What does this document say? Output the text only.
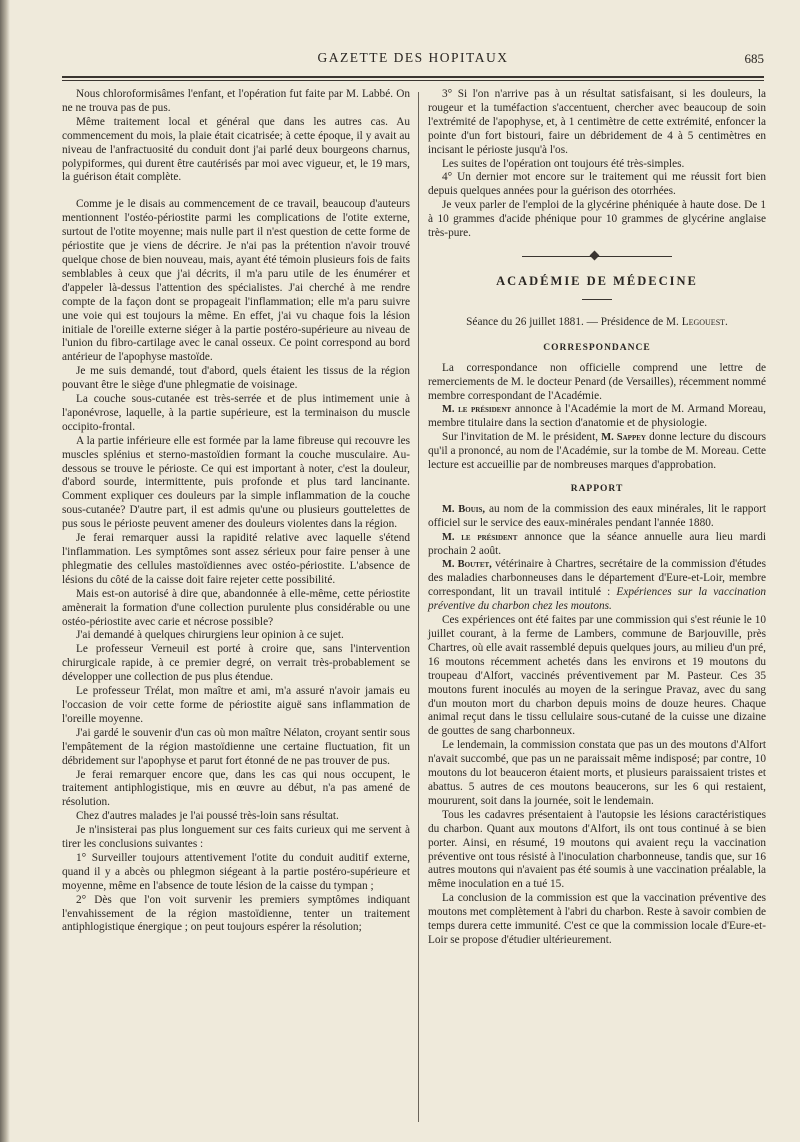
GAZETTE DES HOPITAUX	685

Nous chloroformisâmes l'enfant, et l'opération fut faite par M. Labbé. On ne ne trouva pas de pus.

Même traitement local et général que dans les autres cas. Au commencement du mois, la plaie était cicatrisée; à cette époque, il y avait au niveau de l'anfractuosité du conduit dont j'ai parlé deux bourgeons charnus, polypiformes, qui durent être cautérisés par moi avec vigueur, et, le 19 mars, la guérison était complète.

Comme je le disais au commencement de ce travail, beaucoup d'auteurs mentionnent l'ostéo-périostite parmi les complications de l'otite externe, surtout de l'otite moyenne; mais nulle part il n'est question de cette forme de périostite que je viens de décrire. Je n'ai pas la prétention n'avoir trouvé quelque chose de bien nouveau, mais, ayant été témoin plusieurs fois de faits semblables à ceux que j'ai décrits, il m'a paru utile de les énumérer et d'appeler là-dessus l'attention des spécialistes. J'ai cherché à me rendre compte de la façon dont se propageait l'inflammation; elle m'a paru suivre une voie qui est toujours la même. En effet, j'ai vu chaque fois la lésion initiale de l'oreille externe siéger à la partie postéro-supérieure au niveau de l'union du fibro-cartilage avec le canal osseux. Ce point correspond au bord antérieur de l'apophyse mastoïde.

Je me suis demandé, tout d'abord, quels étaient les tissus de la région pouvant être le siège d'une phlegmatie de voisinage.

La couche sous-cutanée est très-serrée et de plus intimement unie à l'aponévrose, laquelle, à la partie supérieure, est la terminaison du muscle occipito-frontal.

A la partie inférieure elle est formée par la lame fibreuse qui recouvre les muscles splénius et sterno-mastoïdien formant la couche musculaire. Au-dessous se trouve le périoste. Ce qui est important à noter, c'est la douleur, d'abord sourde, intermittente, puis profonde et plus tard lancinante. Comment expliquer ces douleurs par la simple inflammation de la couche sous-cutanée? D'autre part, il est admis qu'une ou plusieurs gouttelettes de pus sous le périoste peuvent amener des douleurs violentes dans la région.

Je ferai remarquer aussi la rapidité relative avec laquelle s'étend l'inflammation. Les symptômes sont assez sérieux pour faire penser à une phlegmatie des cellules mastoïdiennes avec ostéo-périostite. L'absence de lésions du côté de la caisse doit faire rejeter cette possibilité.

Mais est-on autorisé à dire que, abandonnée à elle-même, cette périostite amènerait la formation d'une collection purulente plus considérable ou une ostéo-périostite avec carie et nécrose possible?

J'ai demandé à quelques chirurgiens leur opinion à ce sujet.

Le professeur Verneuil est porté à croire que, sans l'intervention chirurgicale rapide, à ce premier degré, on verrait très-probablement se développer une collection de pus plus étendue.

Le professeur Trélat, mon maître et ami, m'a assuré n'avoir jamais eu l'occasion de voir cette forme de périostite aiguë sans inflammation de l'oreille moyenne.

J'ai gardé le souvenir d'un cas où mon maître Nélaton, croyant sentir sous l'empâtement de la région mastoïdienne une certaine fluctuation, fit un débridement sur l'apophyse et parut fort étonné de ne pas trouver de pus.

Je ferai remarquer encore que, dans les cas qui nous occupent, le traitement antiphlogistique, mis en œuvre au début, n'a pas amené de résolution.

Chez d'autres malades je l'ai poussé très-loin sans résultat.

Je n'insisterai pas plus longuement sur ces faits curieux qui me servent à tirer les conclusions suivantes :

1° Surveiller toujours attentivement l'otite du conduit auditif externe, quand il y a abcès ou phlegmon siégeant à la partie postéro-supérieure et moyenne, même en l'absence de toute lésion de la caisse du tympan ;

2° Dès que l'on voit survenir les premiers symptômes indiquant l'envahissement de la région mastoïdienne, tenter un traitement antiphlogistique énergique ; on peut toujours espérer la résolution;

3° Si l'on n'arrive pas à un résultat satisfaisant, si les douleurs, la rougeur et la tuméfaction s'accentuent, chercher avec beaucoup de soin l'extrémité de l'apophyse, et, à 1 centimètre de cette extrémité, enfoncer la pointe d'un fort bistouri, faire un débridement de 4 à 5 centimètres en incisant le périoste jusqu'à l'os.

Les suites de l'opération ont toujours été très-simples.

4° Un dernier mot encore sur le traitement qui me réussit fort bien depuis quelques années pour la guérison des otorrhées.

Je veux parler de l'emploi de la glycérine phéniquée à haute dose. De 1 à 10 grammes d'acide phénique pour 10 grammes de glycérine anglaise très-pure.

ACADÉMIE DE MÉDECINE

Séance du 26 juillet 1881. — Présidence de M. Legouest.

CORRESPONDANCE

La correspondance non officielle comprend une lettre de remerciements de M. le docteur Penard (de Versailles), récemment nommé membre correspondant de l'Académie.

M. le président annonce à l'Académie la mort de M. Armand Moreau, membre titulaire dans la section d'anatomie et de physiologie.

Sur l'invitation de M. le président, M. Sappey donne lecture du discours qu'il a prononcé, au nom de l'Académie, sur la tombe de M. Moreau. Cette lecture est accueillie par de nombreuses marques d'approbation.

RAPPORT

M. Bouis, au nom de la commission des eaux minérales, lit le rapport officiel sur le service des eaux-minérales pendant l'année 1880.

M. le président annonce que la séance annuelle aura lieu mardi prochain 2 août.

M. Boutet, vétérinaire à Chartres, secrétaire de la commission d'études des maladies charbonneuses dans le département d'Eure-et-Loir, membre correspondant, lit un travail intitulé : Expériences sur la vaccination préventive du charbon chez les moutons.

Ces expériences ont été faites par une commission qui s'est réunie le 10 juillet courant, à la ferme de Lambers, commune de Barjouville, près Chartres, où elle avait rassemblé depuis quelques jours, au milieu d'un pré, 16 moutons récemment achetés dans les environs et 19 moutons du troupeau d'Alfort, vaccinés préventivement par M. Pasteur. Ces 35 moutons furent inoculés au moyen de la seringue Pravaz, avec du sang d'un mouton mort du charbon depuis moins de douze heures. Chaque animal reçut dans le tissu cellulaire sous-cutané de la cuisse une dizaine de gouttes de sang charbonneux.

Le lendemain, la commission constata que pas un des moutons d'Alfort n'avait succombé, que pas un ne paraissait même indisposé; par contre, 10 moutons du lot beauceron étaient morts, et plusieurs paraissaient tristes et abattus. 5 autres de ces moutons beaucerons, sur les 6 qui restaient, moururent, soit dans la journée, soit le lendemain.

Tous les cadavres présentaient à l'autopsie les lésions caractéristiques du charbon. Quant aux moutons d'Alfort, ils ont tous continué à se bien porter. Ainsi, en résumé, 19 moutons qui avaient reçu la vaccination préventive ont tous résisté à l'inoculation charbonneuse, tandis que, sur 16 autres moutons qui n'avaient pas été soumis à une vaccination préalable, la même inoculation en a tué 15.

La conclusion de la commission est que la vaccination préventive des moutons met complètement à l'abri du charbon. Reste à savoir combien de temps durera cette immunité. C'est ce que la commission locale d'Eure-et-Loir se propose d'étudier ultérieurement.
